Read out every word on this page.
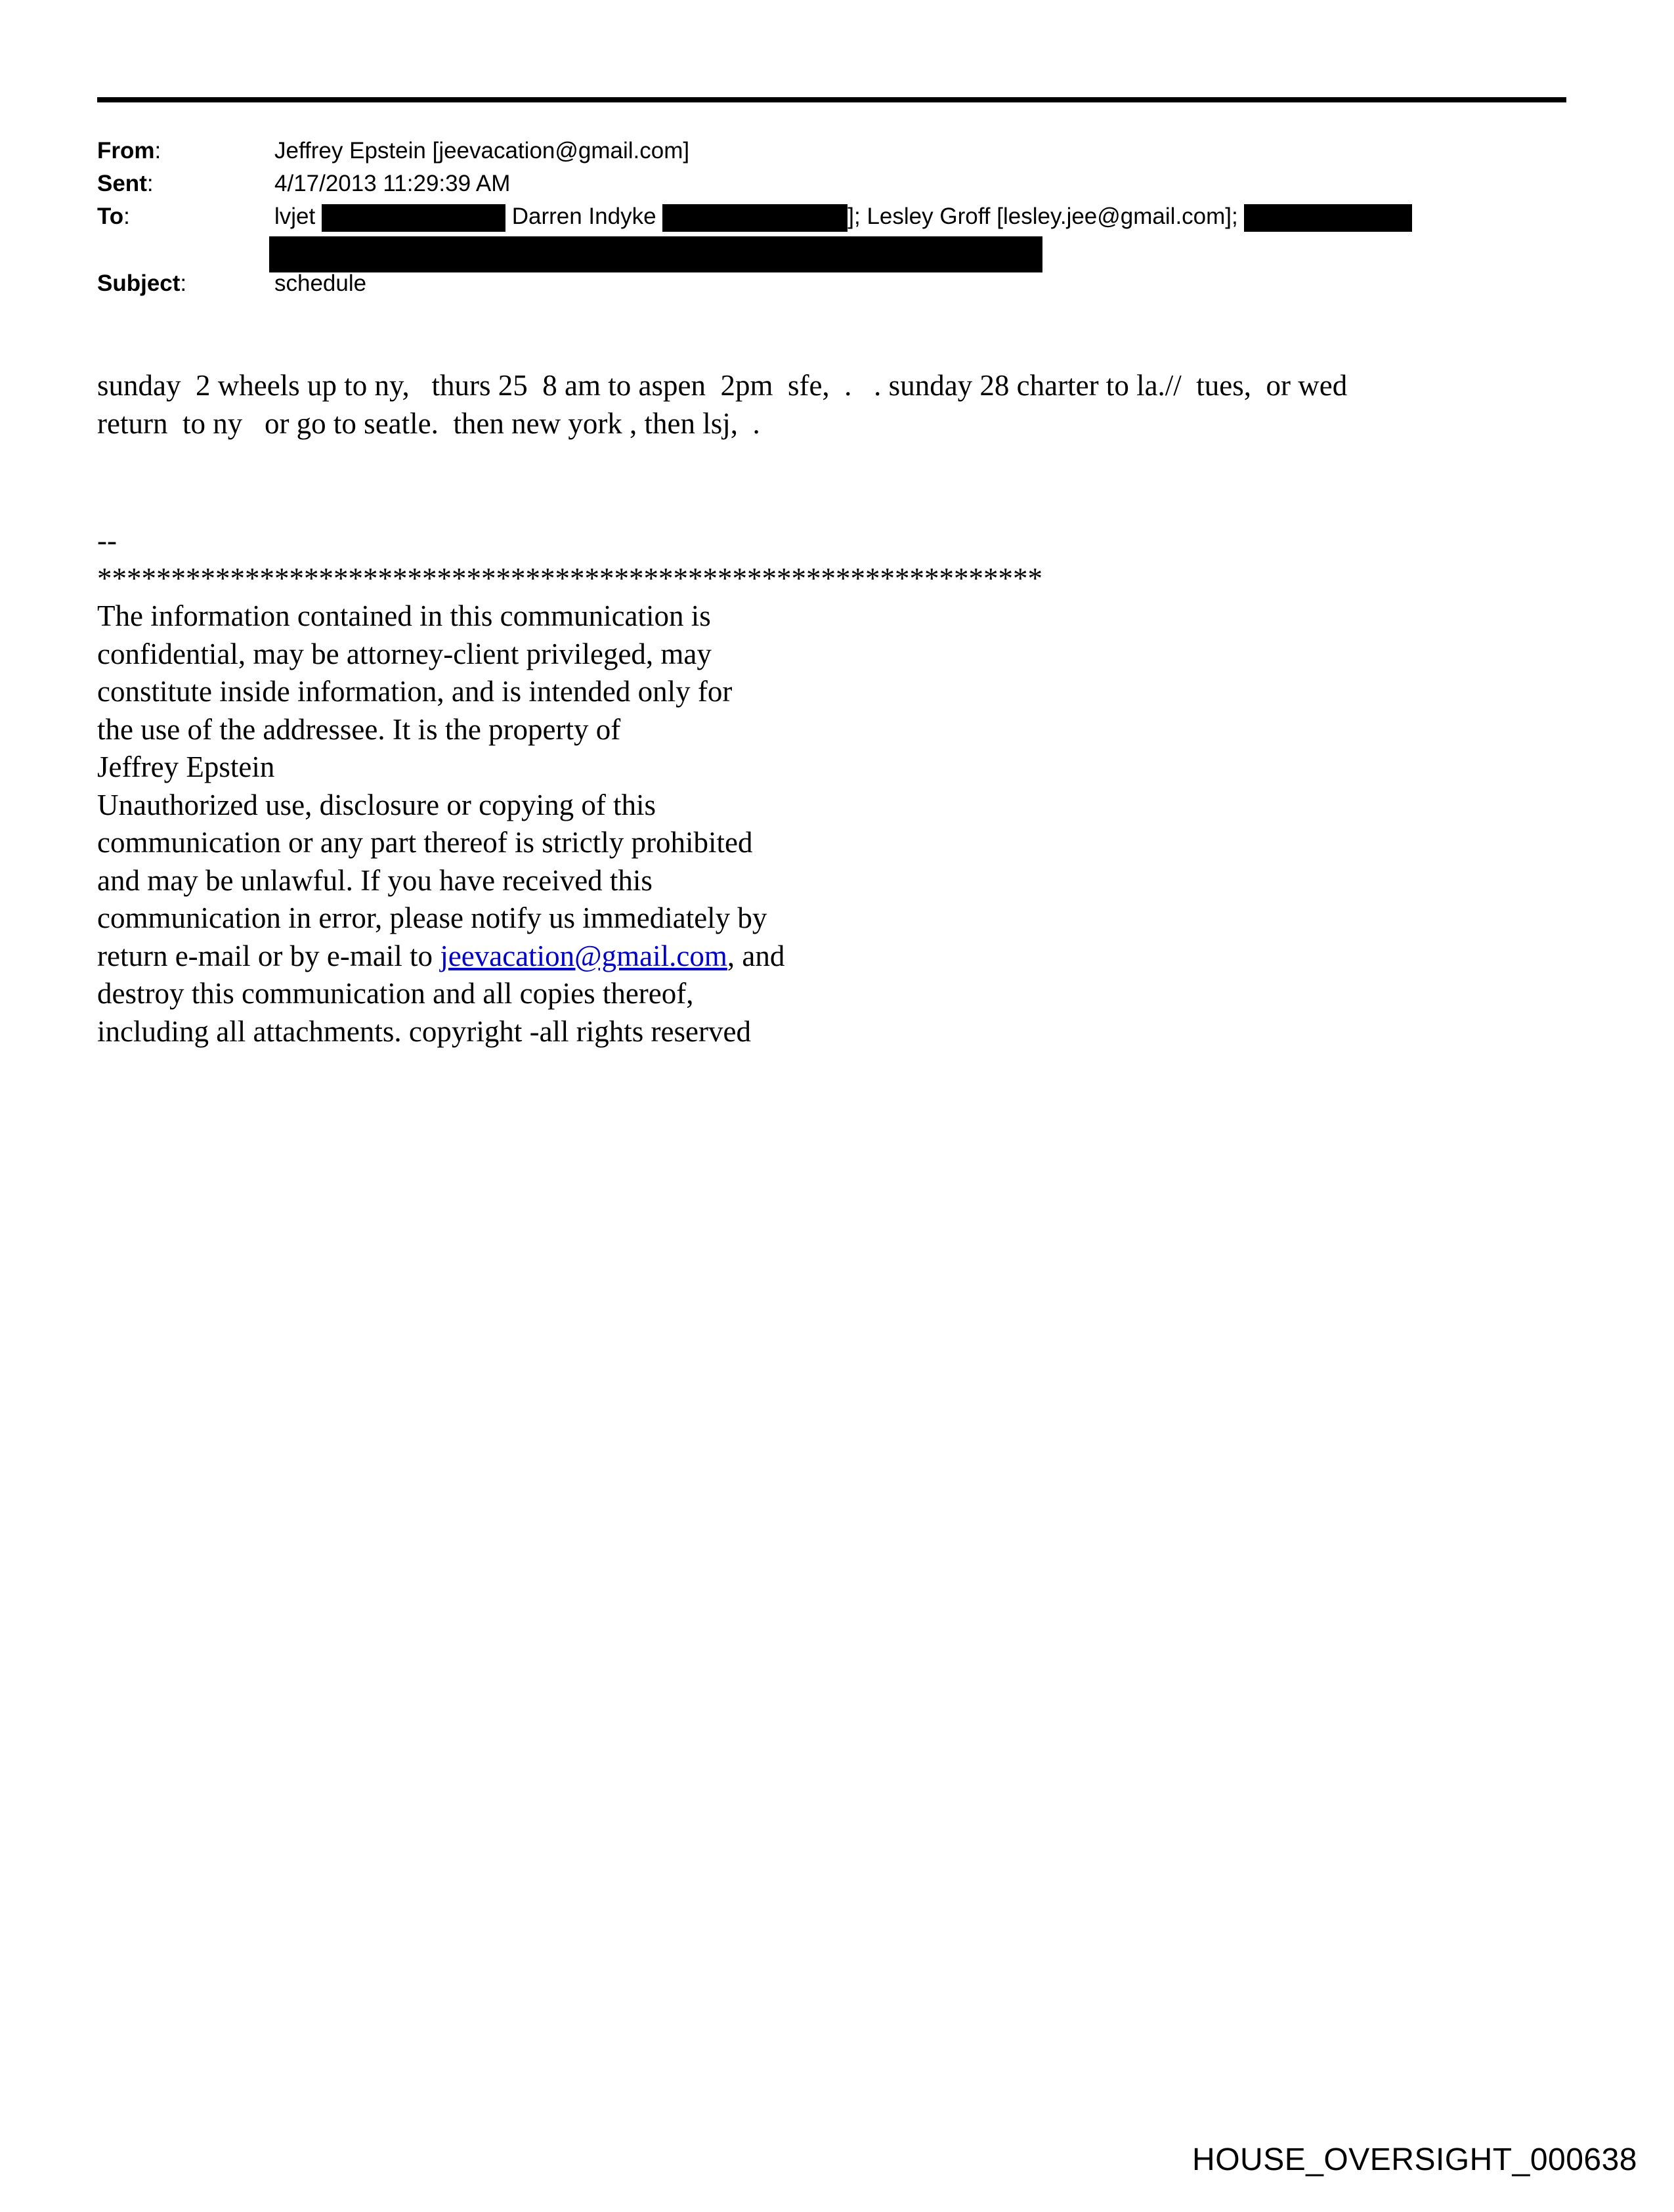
From:	Jeffrey Epstein [jeevacation@gmail.com]
Sent:	4/17/2013 11:29:39 AM
To:	lvjet	Darren Indyke	]; Lesley Groff [lesley.jee@gmail.com];
Subject:	schedule
sunday  2 wheels up to ny,   thurs 25  8 am to aspen  2pm  sfe,  .   . sunday 28 charter to la.//  tues,  or wed
return  to ny   or go to seatle.  then new york , then lsj,  .
--
****************************************************************
The information contained in this communication is
confidential, may be attorney-client privileged, may
constitute inside information, and is intended only for
the use of the addressee. It is the property of
Jeffrey Epstein
Unauthorized use, disclosure or copying of this
communication or any part thereof is strictly prohibited
and may be unlawful. If you have received this
communication in error, please notify us immediately by
return e-mail or by e-mail to jeevacation@gmail.com, and
destroy this communication and all copies thereof,
including all attachments. copyright -all rights reserved
HOUSE_OVERSIGHT_000638
